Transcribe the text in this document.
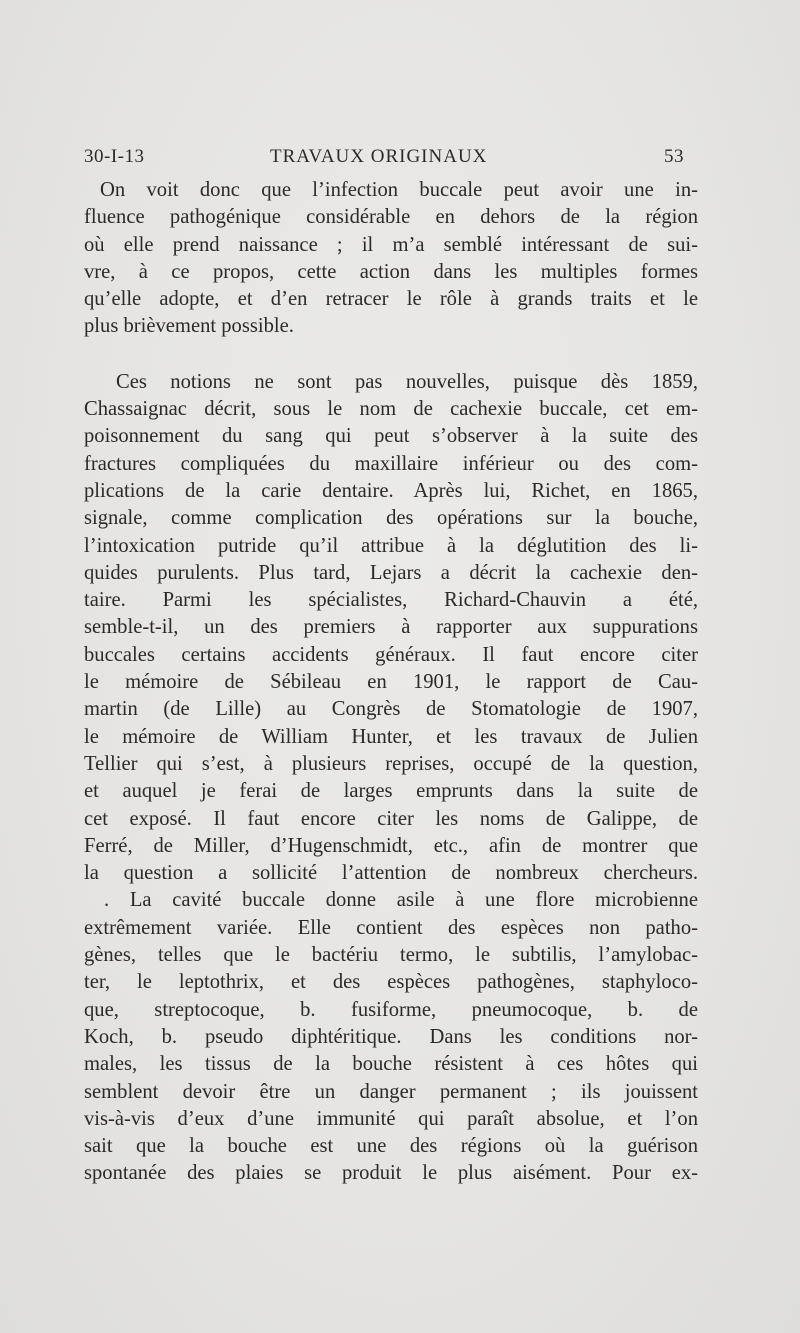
30-I-13	TRAVAUX ORIGINAUX	53
On voit donc que l’infection buccale peut avoir une in-
fluence pathogénique considérable en dehors de la région
où elle prend naissance ; il m’a semblé intéressant de sui-
vre, à ce propos, cette action dans les multiples formes
qu’elle adopte, et d’en retracer le rôle à grands traits et le
plus brièvement possible.
Ces notions ne sont pas nouvelles, puisque dès 1859,
Chassaignac décrit, sous le nom de cachexie buccale, cet em-
poisonnement du sang qui peut s’observer à la suite des
fractures compliquées du maxillaire inférieur ou des com-
plications de la carie dentaire. Après lui, Richet, en 1865,
signale, comme complication des opérations sur la bouche,
l’intoxication putride qu’il attribue à la déglutition des li-
quides purulents. Plus tard, Lejars a décrit la cachexie den-
taire. Parmi les spécialistes, Richard-Chauvin a été,
semble-t-il, un des premiers à rapporter aux suppurations
buccales certains accidents généraux. Il faut encore citer
le mémoire de Sébileau en 1901, le rapport de Cau-
martin (de Lille) au Congrès de Stomatologie de 1907,
le mémoire de William Hunter, et les travaux de Julien
Tellier qui s’est, à plusieurs reprises, occupé de la question,
et auquel je ferai de larges emprunts dans la suite de
cet exposé. Il faut encore citer les noms de Galippe, de
Ferré, de Miller, d’Hugenschmidt, etc., afin de montrer que
la question a sollicité l’attention de nombreux chercheurs.
. La cavité buccale donne asile à une flore microbienne
extrêmement variée. Elle contient des espèces non patho-
gènes, telles que le bactériu termo, le subtilis, l’amylobac-
ter, le leptothrix, et des espèces pathogènes, staphyloco-
que, streptocoque, b. fusiforme, pneumocoque, b. de
Koch, b. pseudo diphtéritique. Dans les conditions nor-
males, les tissus de la bouche résistent à ces hôtes qui
semblent devoir être un danger permanent ; ils jouissent
vis-à-vis d’eux d’une immunité qui paraît absolue, et l’on
sait que la bouche est une des régions où la guérison
spontanée des plaies se produit le plus aisément. Pour ex-
